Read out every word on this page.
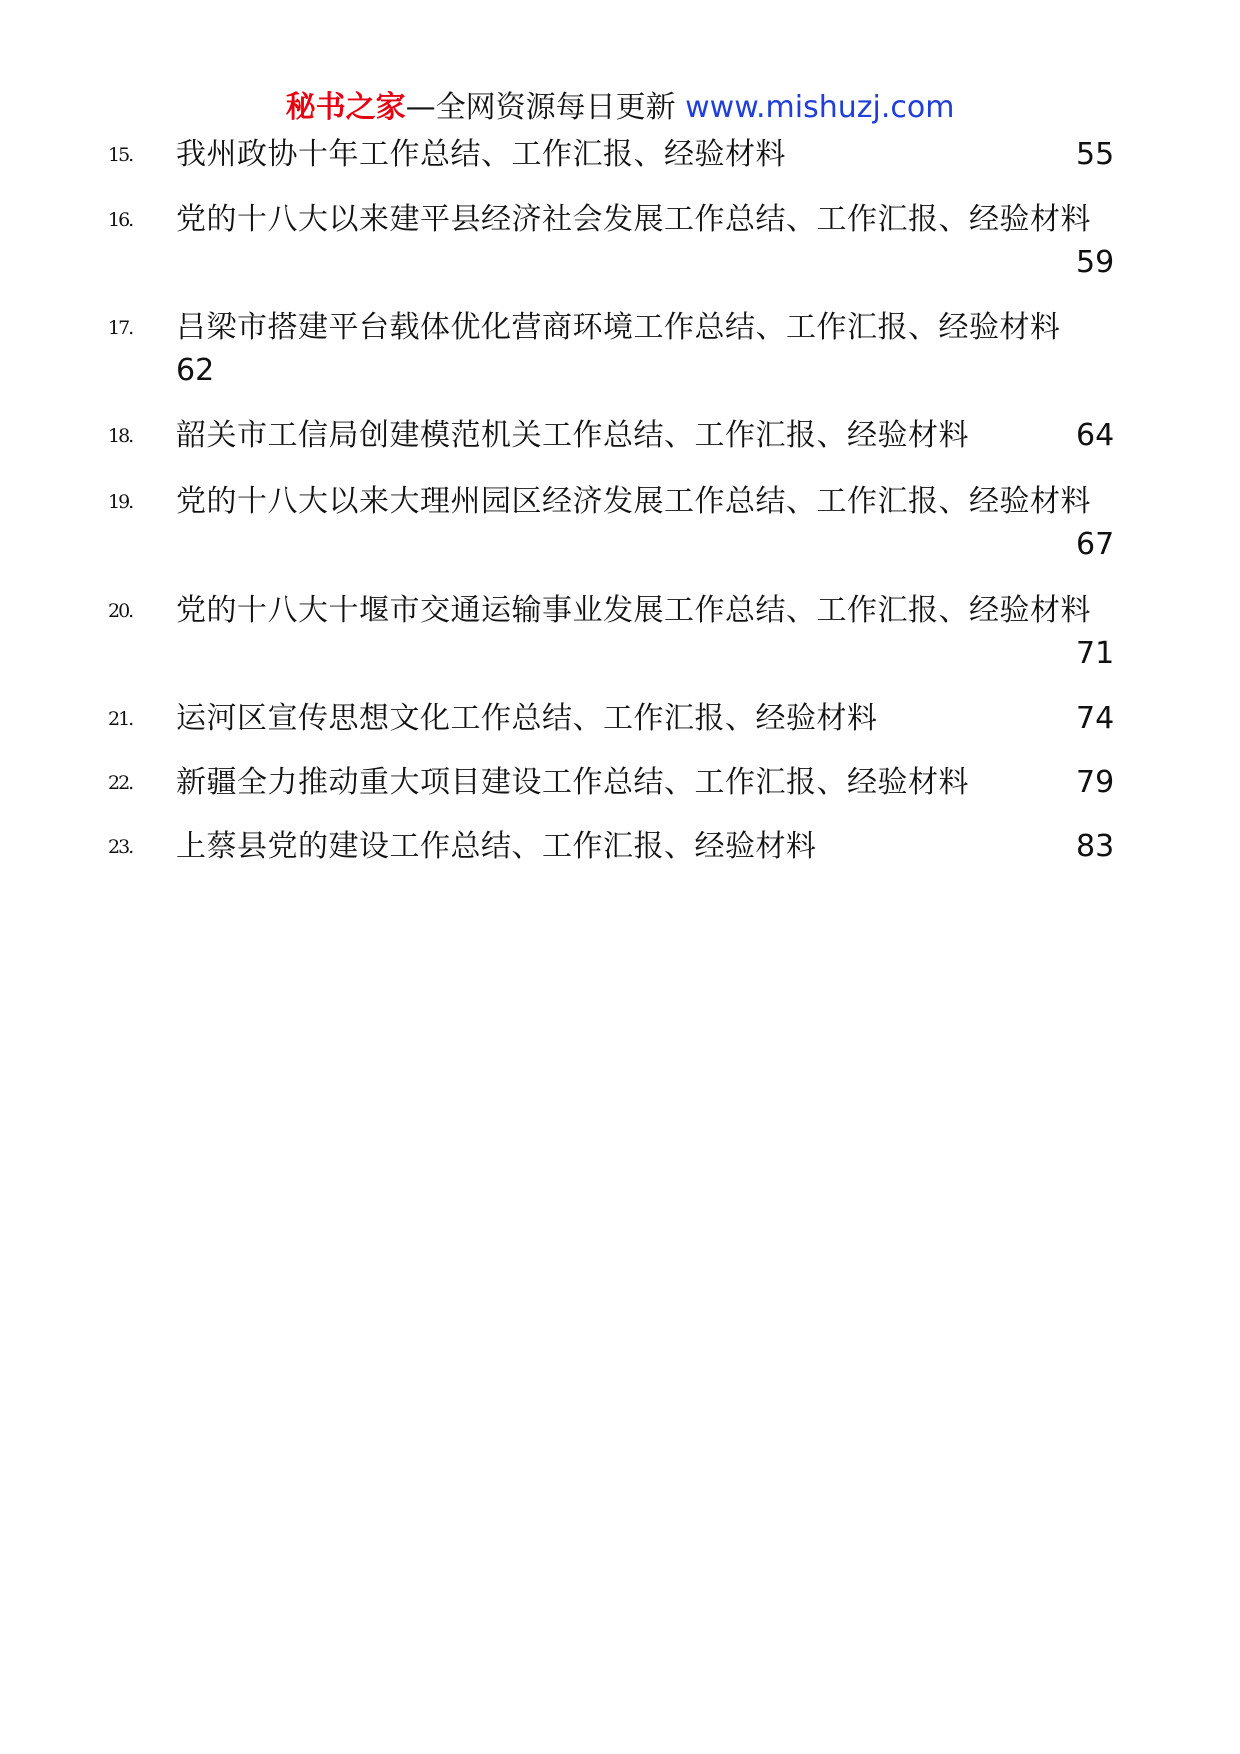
秘书之家—全网资源每日更新 www.mishuzj.com
15. 我州政协十年工作总结、工作汇报、经验材料	55
16. 党的十八大以来建平县经济社会发展工作总结、工作汇报、经验材料
59
17. 吕梁市搭建平台载体优化营商环境工作总结、工作汇报、经验材料
62
18. 韶关市工信局创建模范机关工作总结、工作汇报、经验材料	64
19. 党的十八大以来大理州园区经济发展工作总结、工作汇报、经验材料
67
20. 党的十八大十堰市交通运输事业发展工作总结、工作汇报、经验材料
71
21. 运河区宣传思想文化工作总结、工作汇报、经验材料	74
22. 新疆全力推动重大项目建设工作总结、工作汇报、经验材料	79
23. 上蔡县党的建设工作总结、工作汇报、经验材料	83
